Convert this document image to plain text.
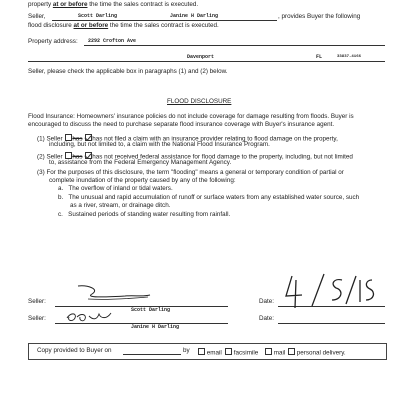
property at or before the time the sales contract is executed.
Seller,	Scott Darling	Janine H Darling	, provides Buyer the following
flood disclosure at or before the time the sales contract is executed.
Property address: 2292 Crofton Ave
Davenport	FL	33837-4166
Seller, please check the applicable box in paragraphs (1) and (2) below.
FLOOD DISCLOSURE
Flood Insurance: Homeowners' insurance policies do not include coverage for damage resulting from floods. Buyer is
encouraged to discuss the need to purchase separate flood insurance coverage with Buyer's insurance agent.
(1) Seller has has not filed a claim with an insurance provider relating to flood damage on the property,
including, but not limited to, a claim with the National Flood Insurance Program.
(2) Seller has has not received federal assistance for flood damage to the property, including, but not limited
to, assistance from the Federal Emergency Management Agency.
(3) For the purposes of this disclosure, the term "flooding" means a general or temporary condition of partial or
complete inundation of the property caused by any of the following:
a. The overflow of inland or tidal waters.
b. The unusual and rapid accumulation of runoff or surface waters from any established water source, such
as a river, stream, or drainage ditch.
c. Sustained periods of standing water resulting from rainfall.
Seller:
Scott Darling
Date:
Seller:
Janine H Darling
Date:
Copy provided to Buyer on	by	email	facsimile	mail	personal delivery.
